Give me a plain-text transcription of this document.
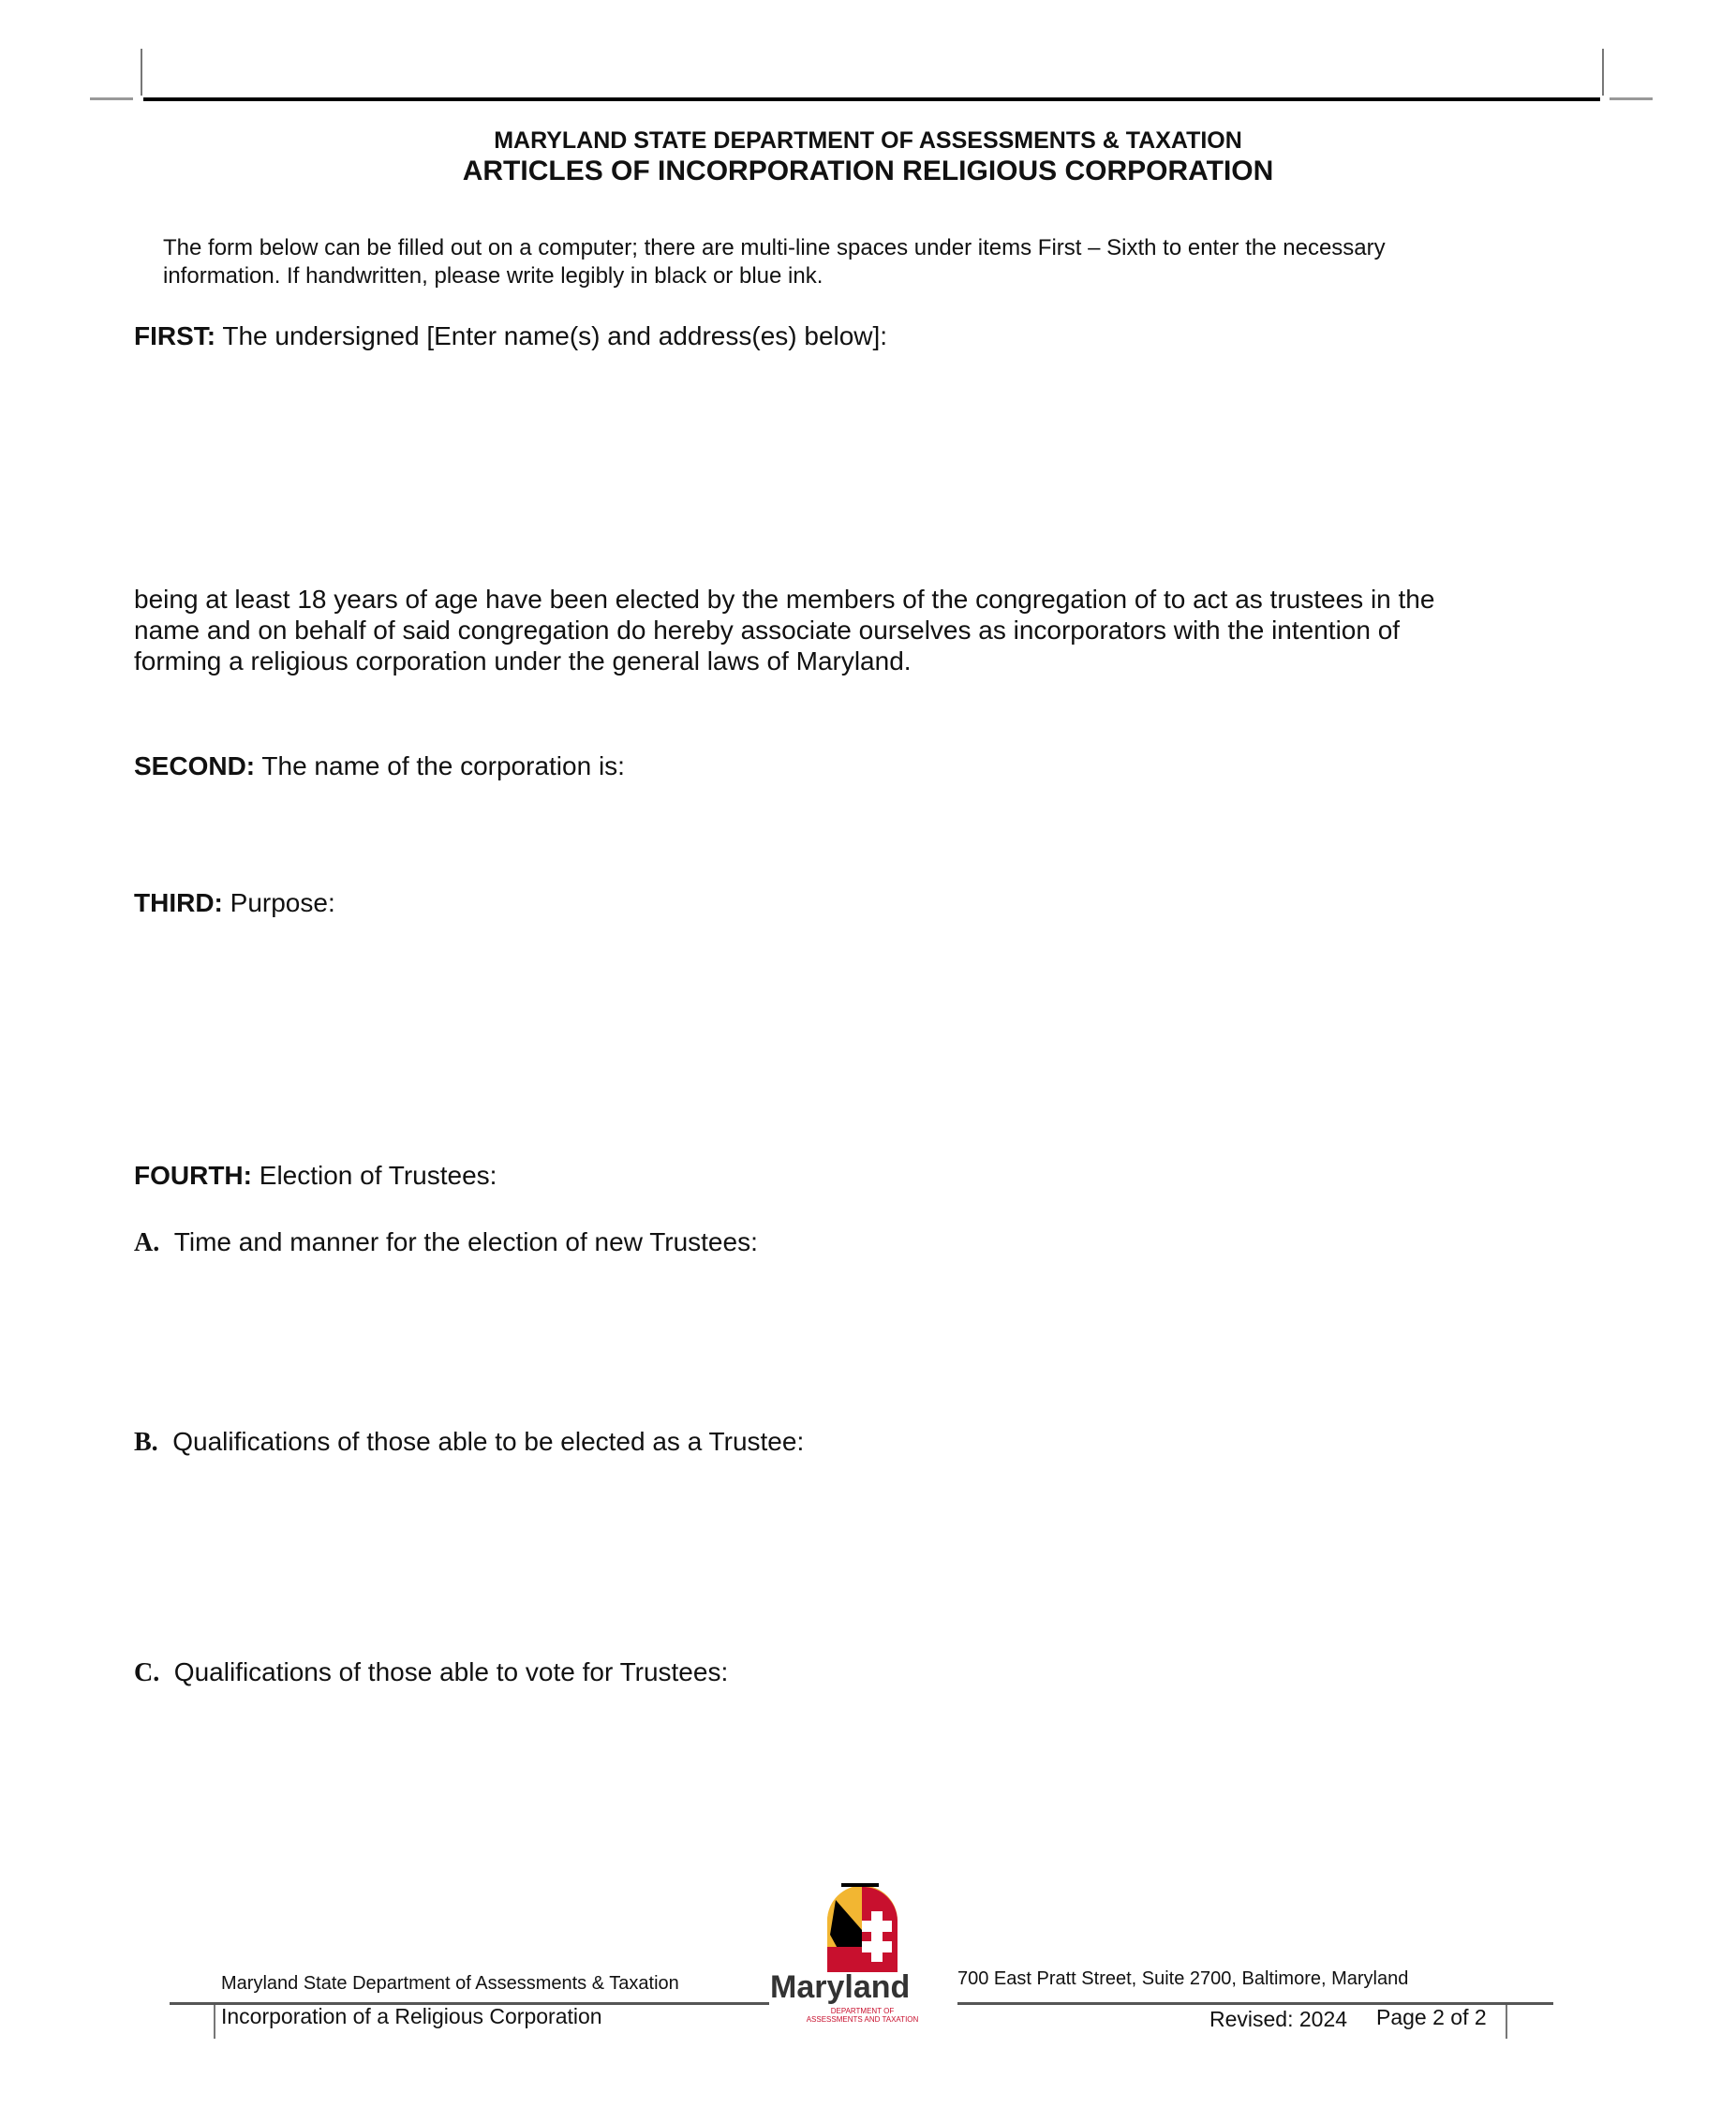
MARYLAND STATE DEPARTMENT OF ASSESSMENTS & TAXATION
ARTICLES OF INCORPORATION RELIGIOUS CORPORATION
The form below can be filled out on a computer; there are multi-line spaces under items First – Sixth to enter the necessary
information. If handwritten, please write legibly in black or blue ink.
FIRST: The undersigned [Enter name(s) and address(es) below]:
being at least 18 years of age have been elected by the members of the congregation of to act as trustees in the
name and on behalf of said congregation do hereby associate ourselves as incorporators with the intention of
forming a religious corporation under the general laws of Maryland.
SECOND: The name of the corporation is:
THIRD: Purpose:
FOURTH: Election of Trustees:
A. Time and manner for the election of new Trustees:
B. Qualifications of those able to be elected as a Trustee:
C. Qualifications of those able to vote for Trustees:
Maryland State Department of Assessments & Taxation
Incorporation of a Religious Corporation
Maryland
DEPARTMENT OF
ASSESSMENTS AND TAXATION
700 East Pratt Street, Suite 2700, Baltimore, Maryland
Revised: 2024 Page 2 of 2
